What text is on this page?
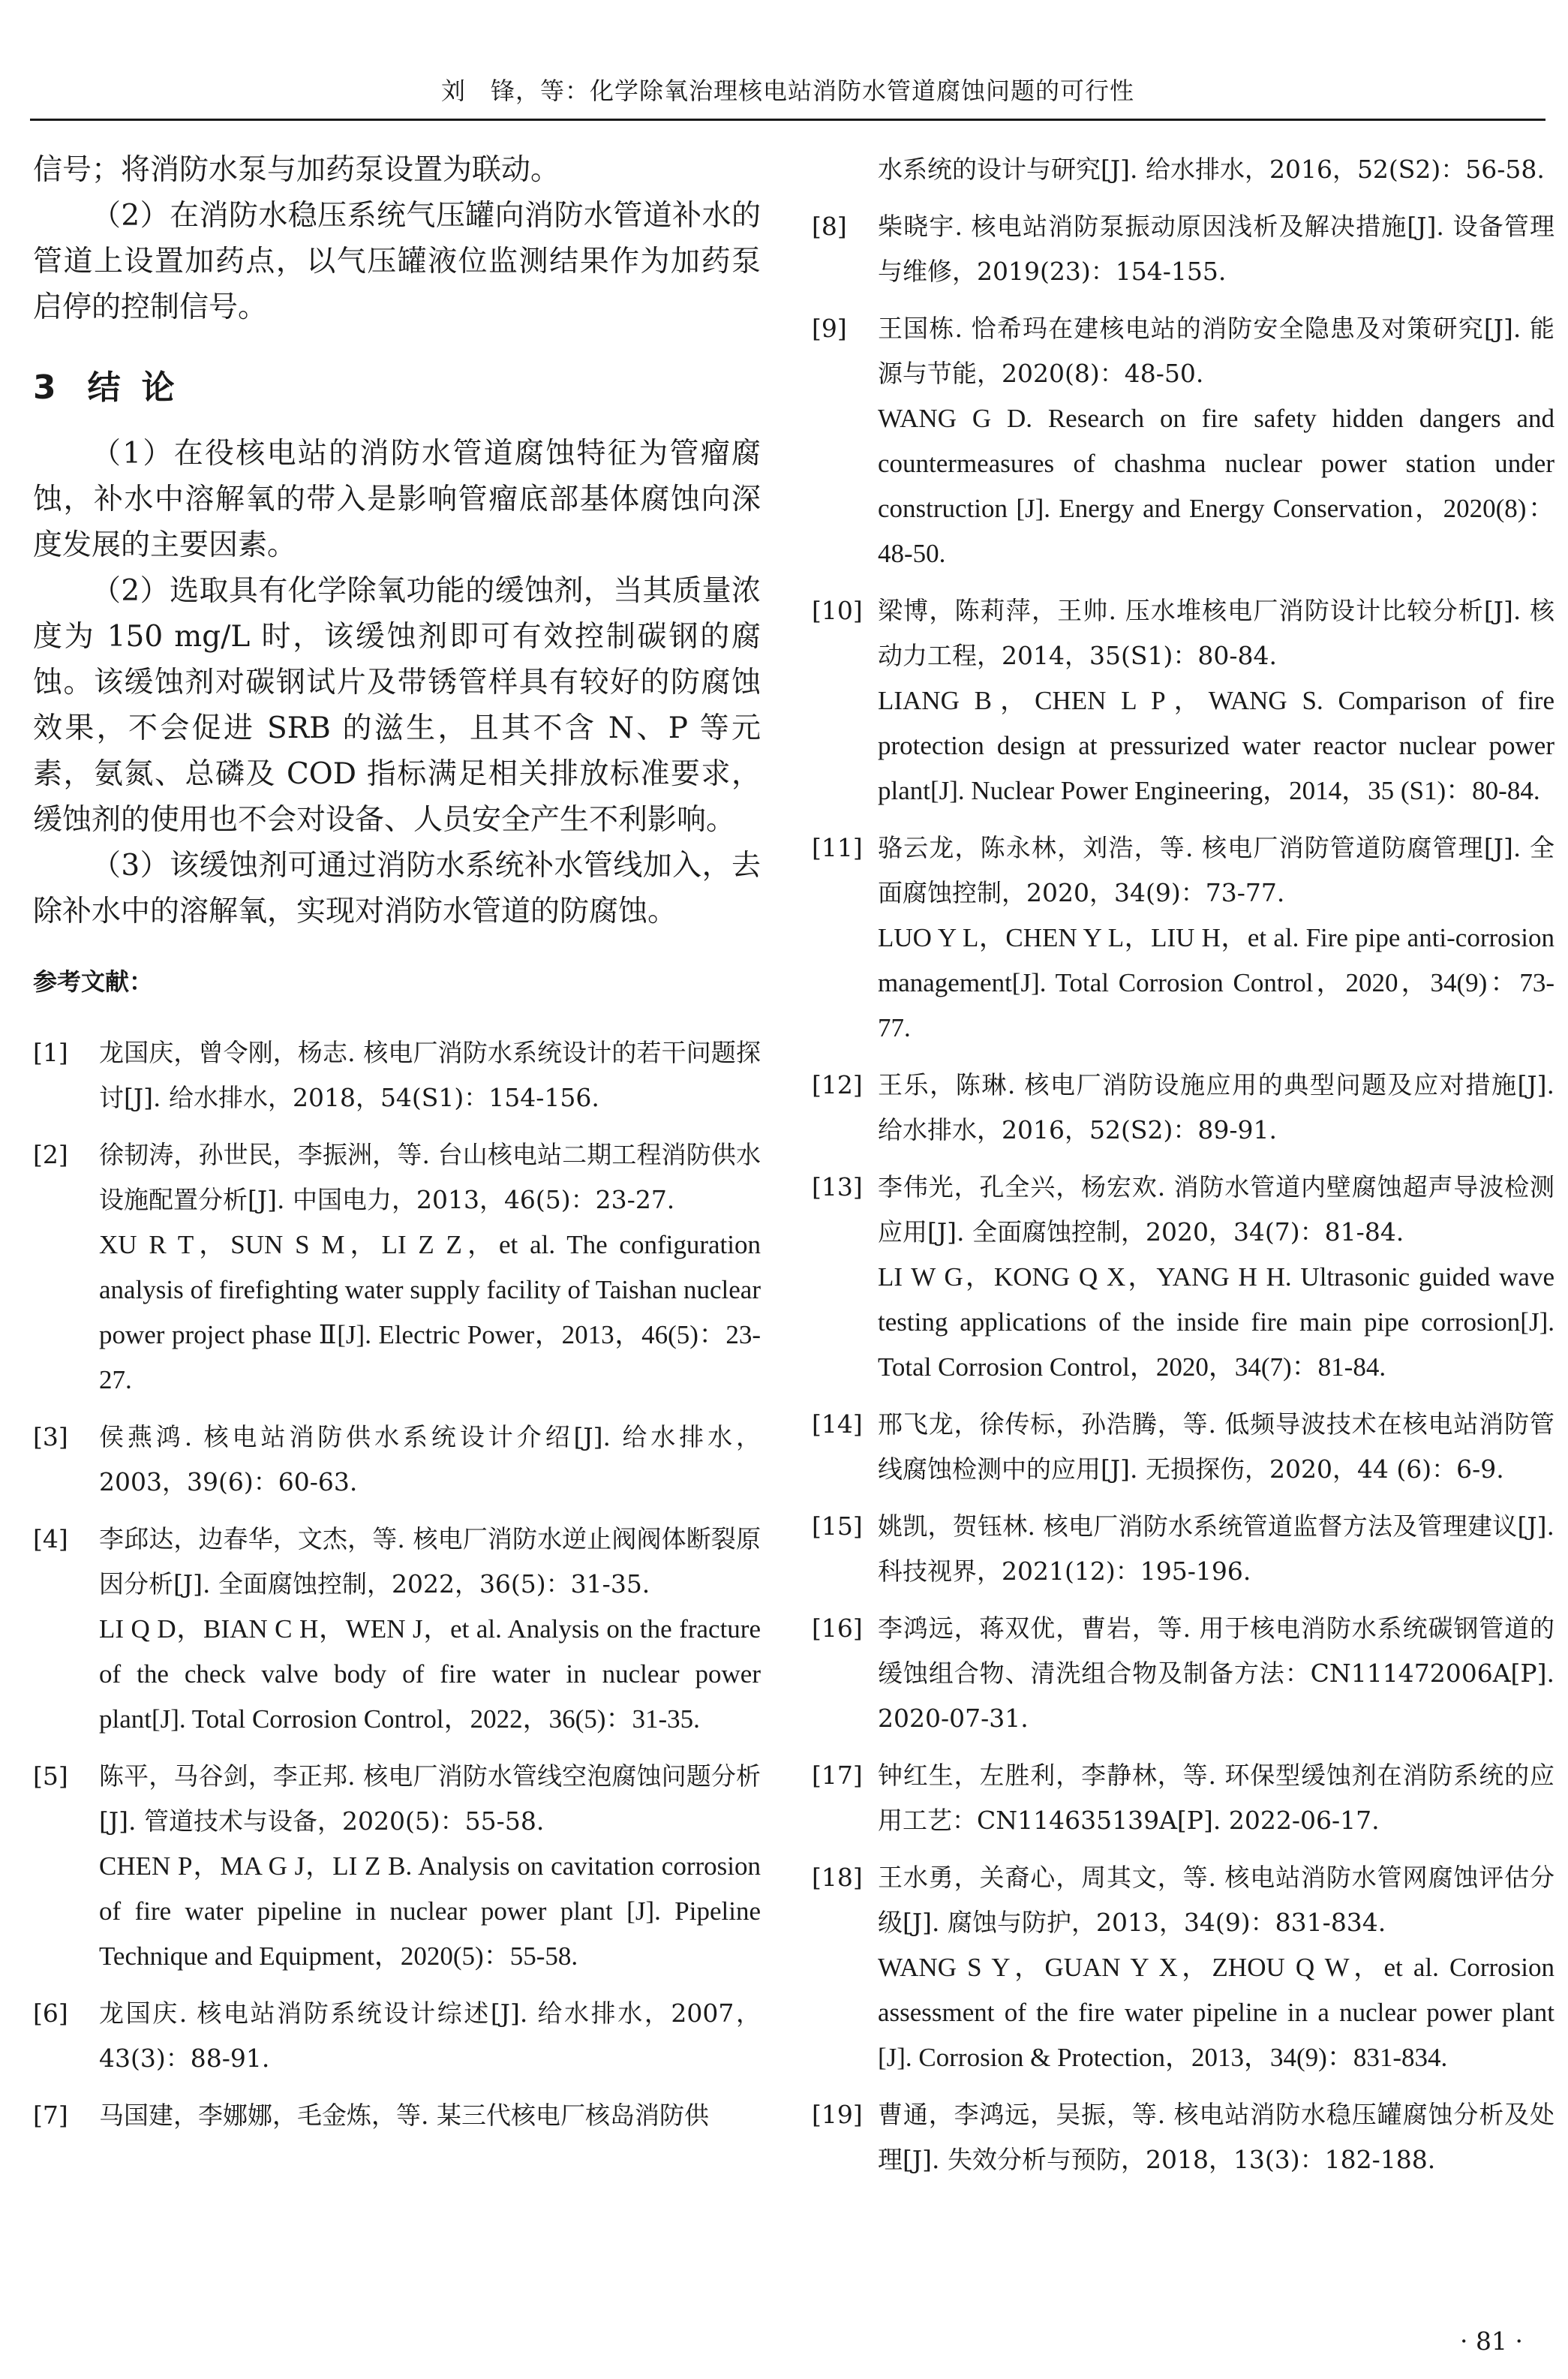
刘　锋，等：化学除氧治理核电站消防水管道腐蚀问题的可行性

信号；将消防水泵与加药泵设置为联动。

（2）在消防水稳压系统气压罐向消防水管道补水的管道上设置加药点，以气压罐液位监测结果作为加药泵启停的控制信号。

3 结论

（1）在役核电站的消防水管道腐蚀特征为管瘤腐蚀，补水中溶解氧的带入是影响管瘤底部基体腐蚀向深度发展的主要因素。

（2）选取具有化学除氧功能的缓蚀剂，当其质量浓度为 150 mg/L 时，该缓蚀剂即可有效控制碳钢的腐蚀。该缓蚀剂对碳钢试片及带锈管样具有较好的防腐蚀效果，不会促进 SRB 的滋生，且其不含 N、P 等元素，氨氮、总磷及 COD 指标满足相关排放标准要求，缓蚀剂的使用也不会对设备、人员安全产生不利影响。

（3）该缓蚀剂可通过消防水系统补水管线加入，去除补水中的溶解氧，实现对消防水管道的防腐蚀。

参考文献：
[1]	龙国庆，曾令刚，杨志. 核电厂消防水系统设计的若干问题探讨[J]. 给水排水，2018，54(S1)：154-156.

[2]	徐韧涛，孙世民，李振洲，等. 台山核电站二期工程消防供水设施配置分析[J]. 中国电力，2013，46(5)：23-27.

XU R T，SUN S M，LI Z Z，et al. The configuration analysis of firefighting water supply facility of Taishan nuclear power project phase Ⅱ[J]. Electric Power，2013，46(5)：23-27.

[3]	侯燕鸿. 核电站消防供水系统设计介绍[J]. 给水排水，2003，39(6)：60-63.

[4]	李邱达，边春华，文杰，等. 核电厂消防水逆止阀阀体断裂原因分析[J]. 全面腐蚀控制，2022，36(5)：31-35.

LI Q D，BIAN C H，WEN J，et al. Analysis on the fracture of the check valve body of fire water in nuclear power plant[J]. Total Corrosion Control，2022，36(5)：31-35.

[5]	陈平，马谷剑，李正邦. 核电厂消防水管线空泡腐蚀问题分析[J]. 管道技术与设备，2020(5)：55-58.

CHEN P，MA G J，LI Z B. Analysis on cavitation corrosion of fire water pipeline in nuclear power plant [J]. Pipeline Technique and Equipment，2020(5)：55-58.

[6]	龙国庆. 核电站消防系统设计综述[J]. 给水排水，2007，43(3)：88-91.

[7]	马国建，李娜娜，毛金炼，等. 某三代核电厂核岛消防供

水系统的设计与研究[J]. 给水排水，2016，52(S2)：56-58.

[8]	柴晓宇. 核电站消防泵振动原因浅析及解决措施[J]. 设备管理与维修，2019(23)：154-155.

[9]	王国栋. 恰希玛在建核电站的消防安全隐患及对策研究[J]. 能源与节能，2020(8)：48-50.

WANG G D. Research on fire safety hidden dangers and countermeasures of chashma nuclear power station under construction [J]. Energy and Energy Conservation，2020(8)：48-50.

[10] 梁博，陈莉萍，王帅. 压水堆核电厂消防设计比较分析[J]. 核动力工程，2014，35(S1)：80-84.

LIANG B，CHEN L P，WANG S. Comparison of fire protection design at pressurized water reactor nuclear power plant[J]. Nuclear Power Engineering，2014，35 (S1)：80-84.

[11] 骆云龙，陈永林，刘浩，等. 核电厂消防管道防腐管理[J]. 全面腐蚀控制，2020，34(9)：73-77.

LUO Y L，CHEN Y L，LIU H，et al. Fire pipe anti-corrosion management[J]. Total Corrosion Control，2020，34(9)：73-77.

[12] 王乐，陈琳. 核电厂消防设施应用的典型问题及应对措施[J]. 给水排水，2016，52(S2)：89-91.

[13] 李伟光，孔全兴，杨宏欢. 消防水管道内壁腐蚀超声导波检测应用[J]. 全面腐蚀控制，2020，34(7)：81-84.

LI W G，KONG Q X，YANG H H. Ultrasonic guided wave testing applications of the inside fire main pipe corrosion[J]. Total Corrosion Control，2020，34(7)：81-84.

[14] 邢飞龙，徐传标，孙浩腾，等. 低频导波技术在核电站消防管线腐蚀检测中的应用[J]. 无损探伤，2020，44 (6)：6-9.

[15] 姚凯，贺钰林. 核电厂消防水系统管道监督方法及管理建议[J]. 科技视界，2021(12)：195-196.

[16] 李鸿远，蒋双优，曹岩，等. 用于核电消防水系统碳钢管道的缓蚀组合物、清洗组合物及制备方法：CN111472006A[P]. 2020-07-31.

[17] 钟红生，左胜利，李静林，等. 环保型缓蚀剂在消防系统的应用工艺：CN114635139A[P]. 2022-06-17.

[18] 王水勇，关裔心，周其文，等. 核电站消防水管网腐蚀评估分级[J]. 腐蚀与防护，2013，34(9)：831-834.

WANG S Y，GUAN Y X，ZHOU Q W，et al. Corrosion assessment of the fire water pipeline in a nuclear power plant [J]. Corrosion & Protection，2013，34(9)：831-834.

[19] 曹通，李鸿远，吴振，等. 核电站消防水稳压罐腐蚀分析及处理[J]. 失效分析与预防，2018，13(3)：182-188.

· 81 ·
